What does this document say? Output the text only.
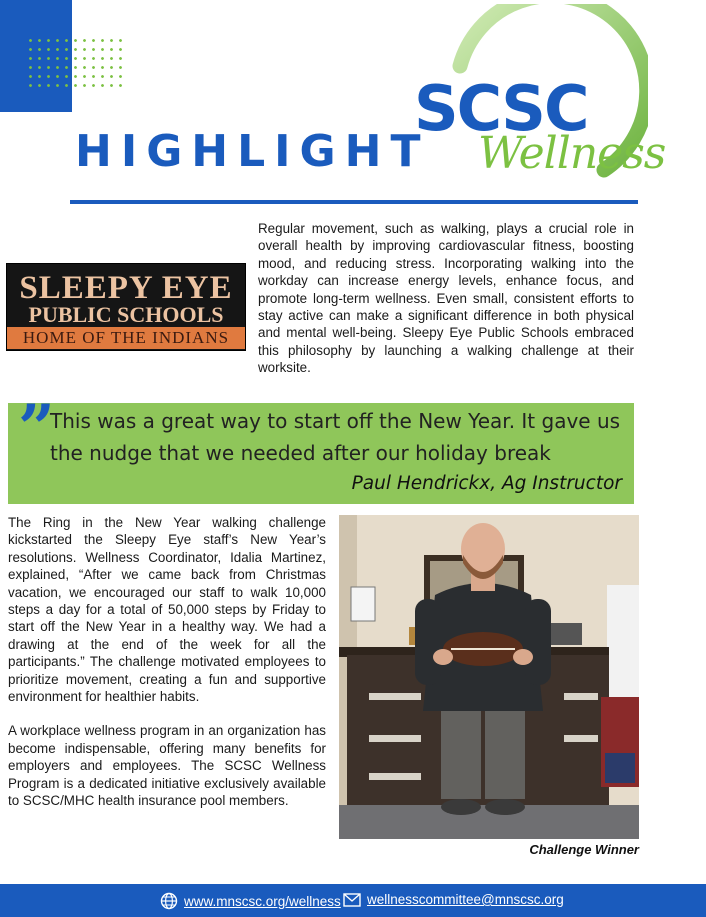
HIGHLIGHT
SCSC
Wellness
SLEEPY EYE
PUBLIC SCHOOLS
HOME OF THE INDIANS

Regular movement, such as walking, plays a crucial role in overall health by improving cardiovascular fitness, boosting mood, and reducing stress. Incorporating walking into the workday can increase energy levels, enhance focus, and promote long-term wellness. Even small, consistent efforts to stay active can make a significant difference in both physical and mental well-being. Sleepy Eye Public Schools embraced this philosophy by launching a walking challenge at their worksite.

”

This was a great way to start off the New Year. It gave us the nudge that we needed after our holiday break

Paul Hendrickx, Ag Instructor

The Ring in the New Year walking challenge kickstarted the Sleepy Eye staff’s New Year’s resolutions. Wellness Coordinator, Idalia Martinez, explained, “After we came back from Christmas vacation, we encouraged our staff to walk 10,000 steps a day for a total of 50,000 steps by Friday to start off the New Year in a healthy way. We had a drawing at the end of the week for all the participants.” The challenge motivated employees to prioritize movement, creating a fun and supportive environment for healthier habits.

A workplace wellness program in an organization has become indispensable, offering many benefits for employers and employees. The SCSC Wellness Program is a dedicated initiative exclusively available to SCSC/MHC health insurance pool members.

Challenge Winner
www.mnscsc.org/wellness wellnesscommittee@mnscsc.org
